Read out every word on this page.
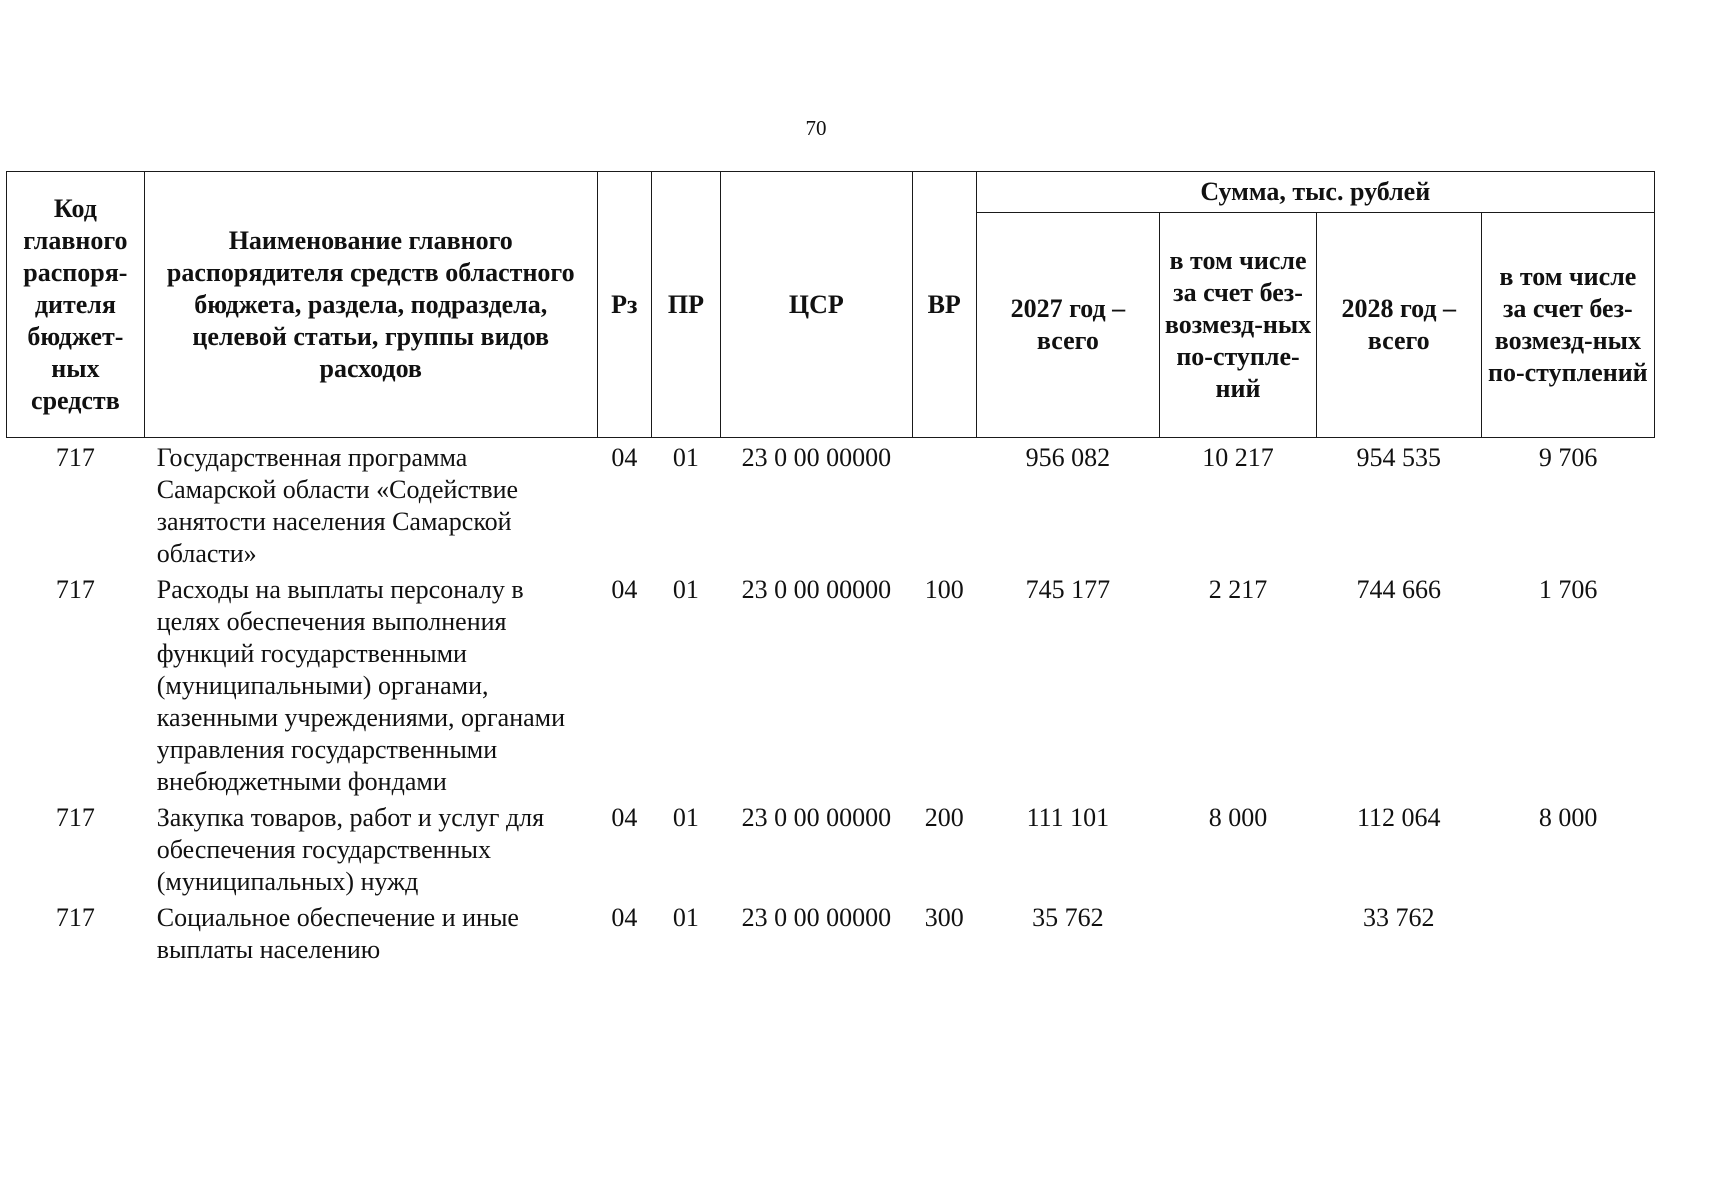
70
Код главного распоря-дителя бюджет-ных средств	Наименование главного распорядителя средств областного бюджета, раздела, подраздела, целевой статьи, группы видов расходов	Рз	ПР	ЦСР	ВР	Сумма, тыс. рублей			
						2027 год – всего	в том числе за счет без-возмезд-ных по-ступле-ний	2028 год – всего	в том числе за счет без-возмезд-ных по-ступлений
717	Государственная программа Самарской области «Содействие занятости населения Самарской области»	04	01	23 0 00 00000		956 082	10 217	954 535	9 706
717	Расходы на выплаты персоналу в целях обеспечения выполнения функций государственными (муниципальными) органами, казенными учреждениями, органами управления государственными внебюджетными фондами	04	01	23 0 00 00000	100	745 177	2 217	744 666	1 706
717	Закупка товаров, работ и услуг для обеспечения государственных (муниципальных) нужд	04	01	23 0 00 00000	200	111 101	8 000	112 064	8 000
717	Социальное обеспечение и иные выплаты населению	04	01	23 0 00 00000	300	35 762		33 762	
